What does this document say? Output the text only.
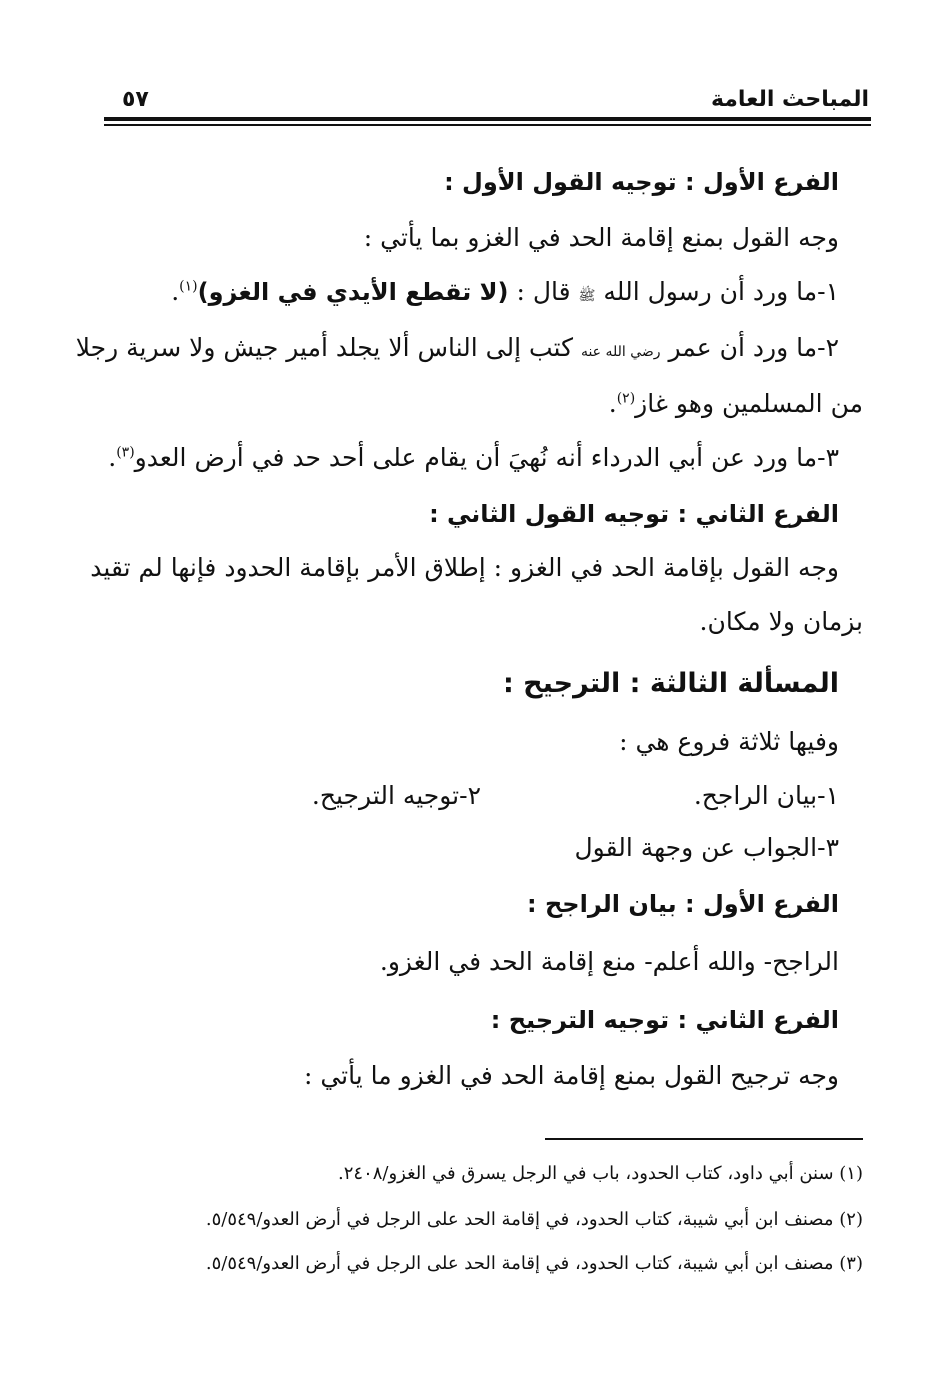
المباحث العامة
٥٧
الفرع الأول : توجيه القول الأول :
وجه القول بمنع إقامة الحد في الغزو بما يأتي :
١-ما ورد أن رسول الله ﷺ قال : (لا تقطع الأيدي في الغزو)$^{(١)}$.
٢-ما ورد أن عمر رضي الله عنه كتب إلى الناس ألا يجلد أمير جيش ولا سرية رجلا
من المسلمين وهو غاز$^{(٢)}$.
٣-ما ورد عن أبي الدرداء أنه نُهيَ أن يقام على أحد حد في أرض العدو$^{(٣)}$.
الفرع الثاني : توجيه القول الثاني :
وجه القول بإقامة الحد في الغزو : إطلاق الأمر بإقامة الحدود فإنها لم تقيد
بزمان ولا مكان.
المسألة الثالثة : الترجيح :
وفيها ثلاثة فروع هي :
١-بيان الراجح.
٢-توجيه الترجيح.
٣-الجواب عن وجهة القول
الفرع الأول : بيان الراجح :
الراجح- والله أعلم- منع إقامة الحد في الغزو.
الفرع الثاني : توجيه الترجيح :
وجه ترجيح القول بمنع إقامة الحد في الغزو ما يأتي :
(١) سنن أبي داود، كتاب الحدود، باب في الرجل يسرق في الغزو/٢٤٠٨.
(٢) مصنف ابن أبي شيبة، كتاب الحدود، في إقامة الحد على الرجل في أرض العدو/٥/٥٤٩.
(٣) مصنف ابن أبي شيبة، كتاب الحدود، في إقامة الحد على الرجل في أرض العدو/٥/٥٤٩.
